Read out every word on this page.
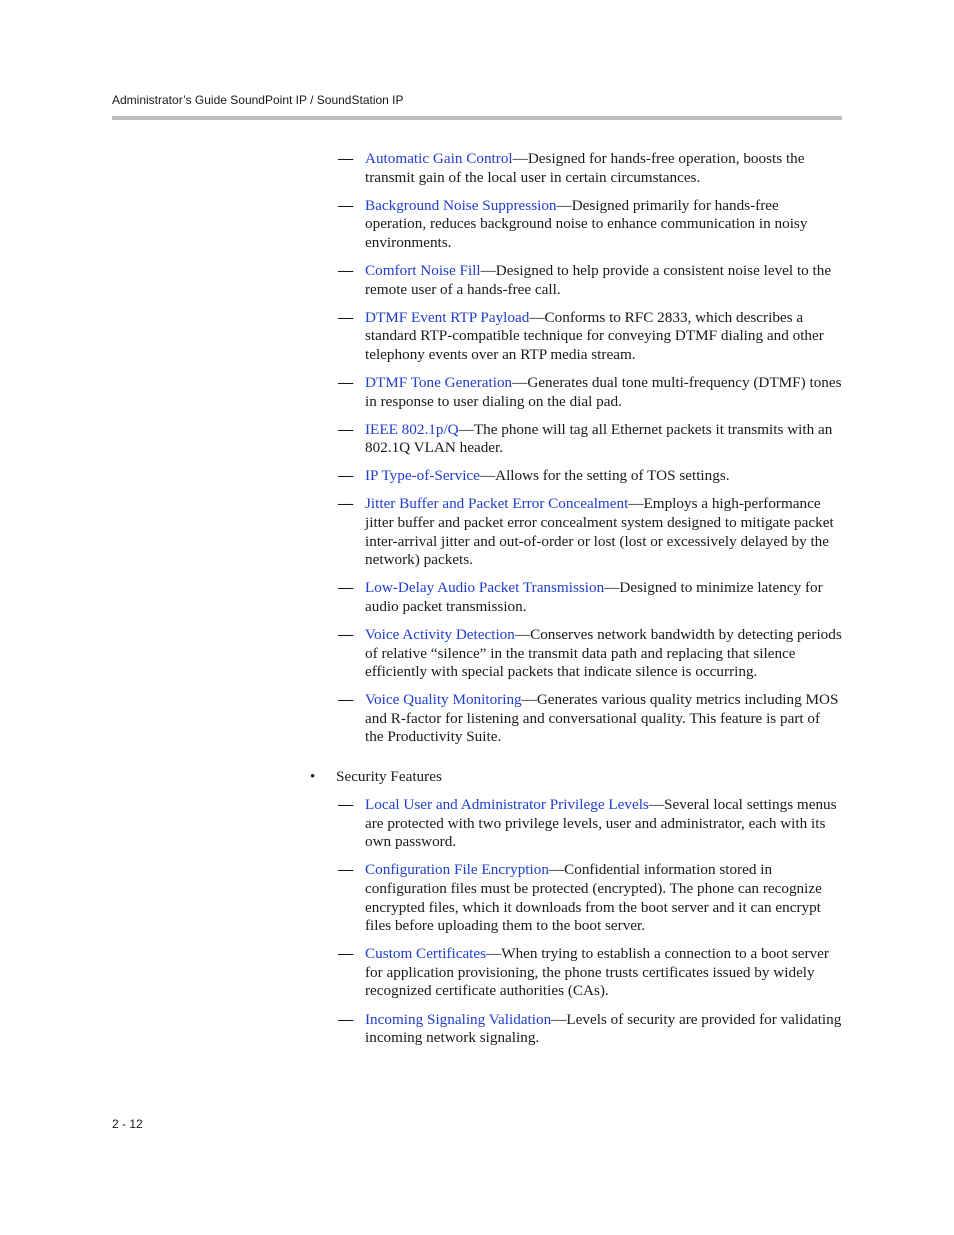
Administrator’s Guide SoundPoint IP / SoundStation IP
— Automatic Gain Control—Designed for hands-free operation, boosts the transmit gain of the local user in certain circumstances.
— Background Noise Suppression—Designed primarily for hands-free operation, reduces background noise to enhance communication in noisy environments.
— Comfort Noise Fill—Designed to help provide a consistent noise level to the remote user of a hands-free call.
— DTMF Event RTP Payload—Conforms to RFC 2833, which describes a standard RTP-compatible technique for conveying DTMF dialing and other telephony events over an RTP media stream.
— DTMF Tone Generation—Generates dual tone multi-frequency (DTMF) tones in response to user dialing on the dial pad.
— IEEE 802.1p/Q—The phone will tag all Ethernet packets it transmits with an 802.1Q VLAN header.
— IP Type-of-Service—Allows for the setting of TOS settings.
— Jitter Buffer and Packet Error Concealment—Employs a high-performance jitter buffer and packet error concealment system designed to mitigate packet inter-arrival jitter and out-of-order or lost (lost or excessively delayed by the network) packets.
— Low-Delay Audio Packet Transmission—Designed to minimize latency for audio packet transmission.
— Voice Activity Detection—Conserves network bandwidth by detecting periods of relative “silence” in the transmit data path and replacing that silence efficiently with special packets that indicate silence is occurring.
— Voice Quality Monitoring—Generates various quality metrics including MOS and R-factor for listening and conversational quality. This feature is part of the Productivity Suite.
• Security Features
— Local User and Administrator Privilege Levels—Several local settings menus are protected with two privilege levels, user and administrator, each with its own password.
— Configuration File Encryption—Confidential information stored in configuration files must be protected (encrypted). The phone can recognize encrypted files, which it downloads from the boot server and it can encrypt files before uploading them to the boot server.
— Custom Certificates—When trying to establish a connection to a boot server for application provisioning, the phone trusts certificates issued by widely recognized certificate authorities (CAs).
— Incoming Signaling Validation—Levels of security are provided for validating incoming network signaling.
2 - 12
